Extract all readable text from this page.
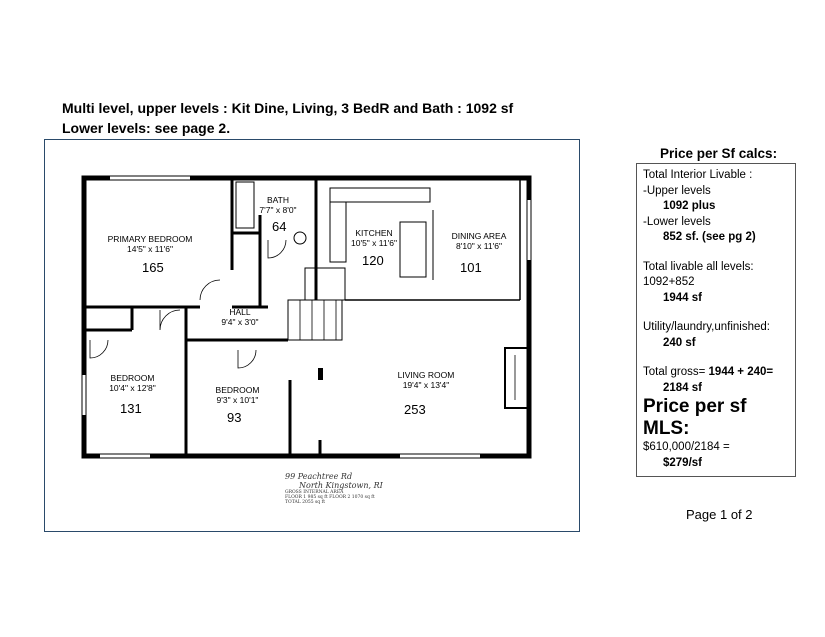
Multi level, upper levels : Kit Dine, Living, 3 BedR and Bath : 1092 sf
Lower levels: see page 2.
PRIMARY BEDROOM
14'5" x 11'6"
165
BATH
7'7" x 8'0"
64	KITCHEN
10'5" x 11'6"
120
DINING AREA
8'10" x 11'6"
101
HALL
9'4" x 3'0"
BEDROOM
10'4" x 12'8"
131
BEDROOM
9'3" x 10'1"
93
LIVING ROOM
19'4" x 13'4"
253
99 Peachtree Rd
North Kingstown, RI
GROSS INTERNAL AREA
FLOOR 1 985 sq ft FLOOR 2 1070 sq ft
TOTAL 2055 sq ft
Price per Sf calcs:
Total Interior Livable :
-Upper levels
1092 plus
-Lower levels
852 sf. (see pg 2)
Total livable all levels:
1092+852
1944 sf
Utility/laundry,unfinished:
240 sf
Total gross= 1944 + 240=
2184 sf
Price per sf MLS:
$610,000/2184 =
$279/sf
Page 1 of 2
